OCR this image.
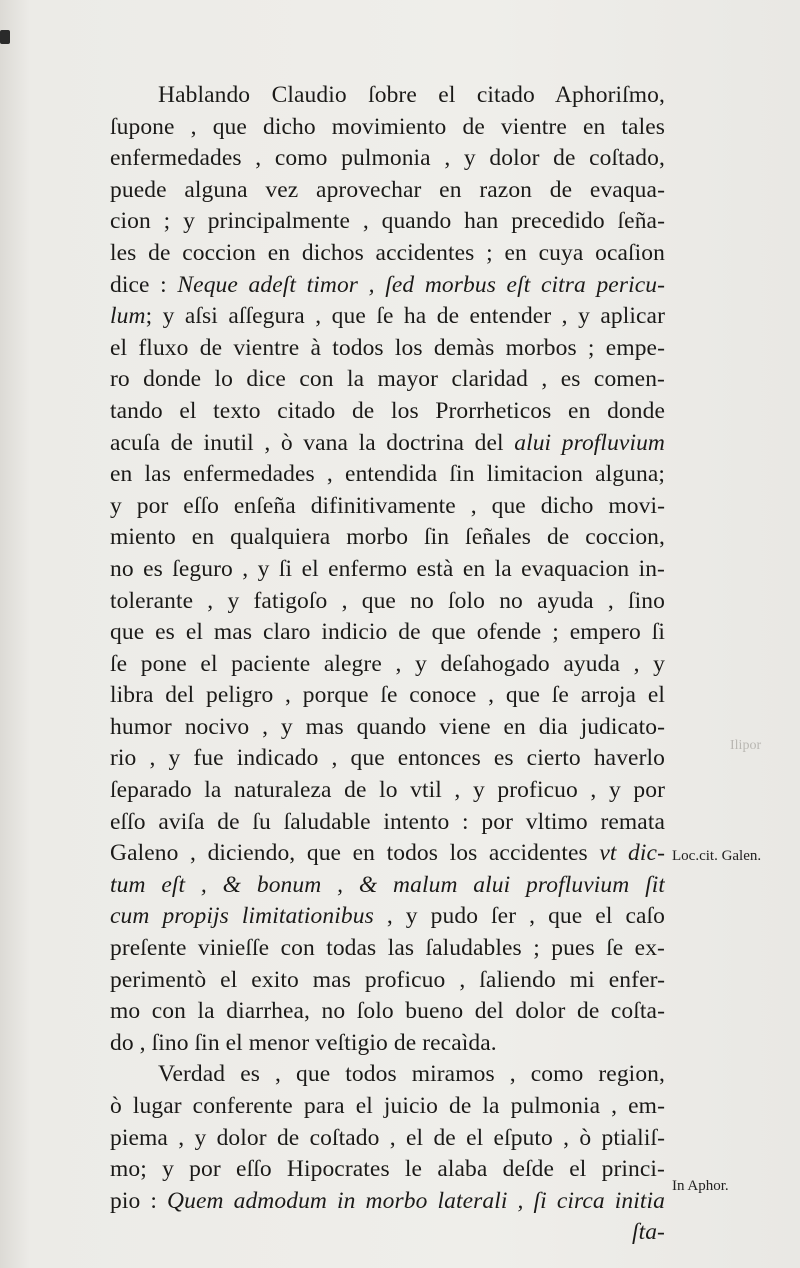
Hablando Claudio ſobre el citado Aphoriſmo,
ſupone , que dicho movimiento de vientre en tales
enfermedades , como pulmonia , y dolor de coſtado,
puede alguna vez aprovechar en razon de evaqua-
cion ; y principalmente , quando han precedido ſeña-
les de coccion en dichos accidentes ; en cuya ocaſion
dice : Neque adeſt timor , ſed morbus eſt citra pericu-
lum; y aſsi aſſegura , que ſe ha de entender , y aplicar
el fluxo de vientre à todos los demàs morbos ; empe-
ro donde lo dice con la mayor claridad , es comen-
tando el texto citado de los Prorrheticos en donde
acuſa de inutil , ò vana la doctrina del alui profluvium
en las enfermedades , entendida ſin limitacion alguna;
y por eſſo enſeña difinitivamente , que dicho movi-
miento en qualquiera morbo ſin ſeñales de coccion,
no es ſeguro , y ſi el enfermo està en la evaquacion in-
tolerante , y fatigoſo , que no ſolo no ayuda , ſino
que es el mas claro indicio de que ofende ; empero ſi
ſe pone el paciente alegre , y deſahogado ayuda , y
libra del peligro , porque ſe conoce , que ſe arroja el
humor nocivo , y mas quando viene en dia judicato-
rio , y fue indicado , que entonces es cierto haverlo
ſeparado la naturaleza de lo vtil , y proficuo , y por
eſſo aviſa de ſu ſaludable intento : por vltimo remata
Galeno , diciendo, que en todos los accidentes vt dic-
tum eſt , & bonum , & malum alui profluvium ſit
cum propijs limitationibus , y pudo ſer , que el caſo
preſente vinieſſe con todas las ſaludables ; pues ſe ex-
perimentò el exito mas proficuo , ſaliendo mi enfer-
mo con la diarrhea, no ſolo bueno del dolor de coſta-
do , ſino ſin el menor veſtigio de recaìda.
Verdad es , que todos miramos , como region,
ò lugar conferente para el juicio de la pulmonia , em-
piema , y dolor de coſtado , el de el eſputo , ò ptialiſ-
mo; y por eſſo Hipocrates le alaba deſde el princi-
pio : Quem admodum in morbo laterali , ſi circa initia
ſta-
Loc.cit. Galen.
In Aphor.
Ilipor
